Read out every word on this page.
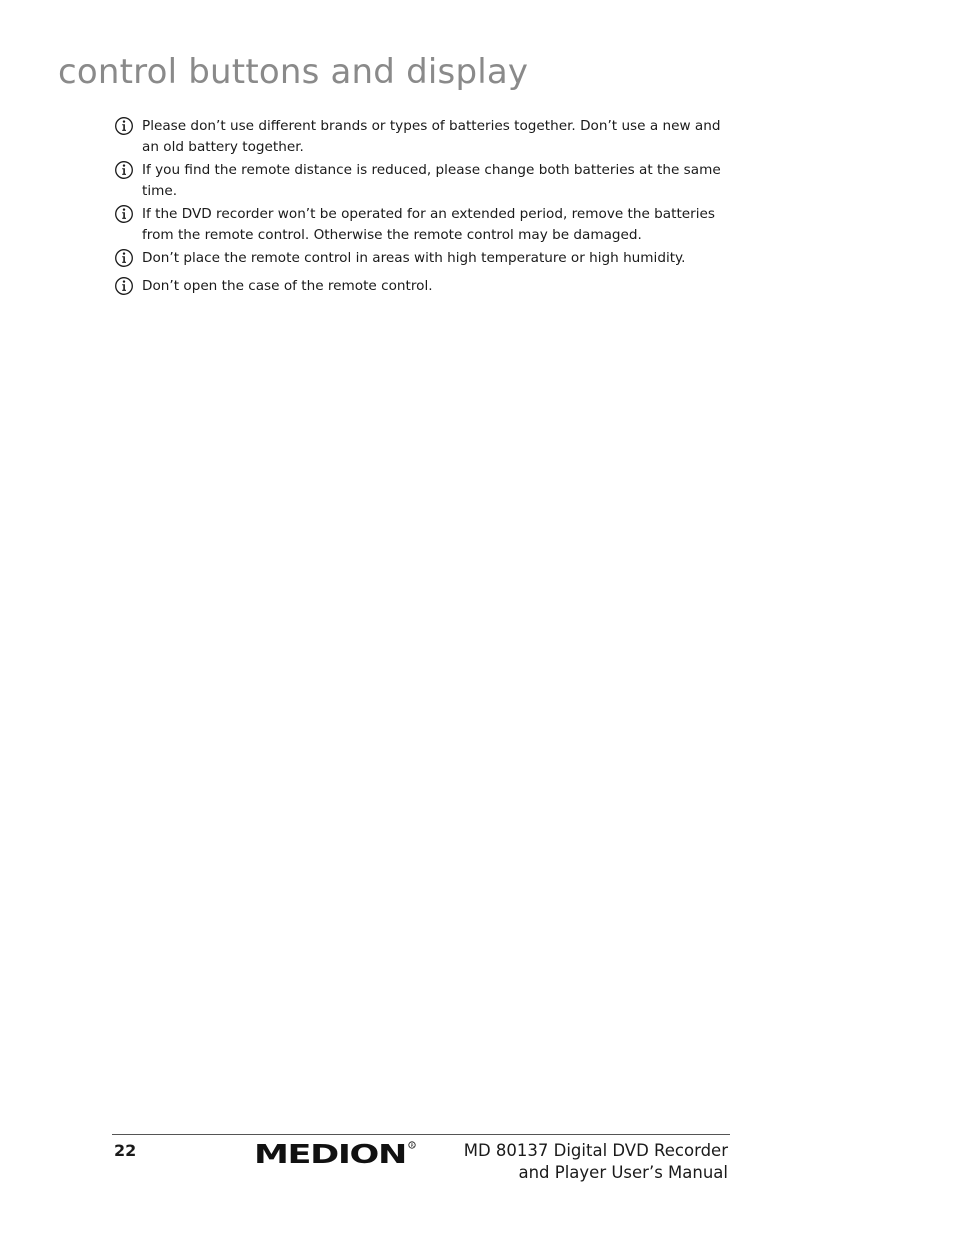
control buttons and display
Please don’t use different brands or types of batteries together. Don’t use a new and an old battery together.
If you find the remote distance is reduced, please change both batteries at the same time.
If the DVD recorder won’t be operated for an extended period, remove the batteries from the remote control. Otherwise the remote control may be damaged.
Don’t place the remote control in areas with high temperature or high humidity.
Don’t open the case of the remote control.
22	MEDION R	MD 80137 Digital DVD Recorder
and Player User’s Manual
